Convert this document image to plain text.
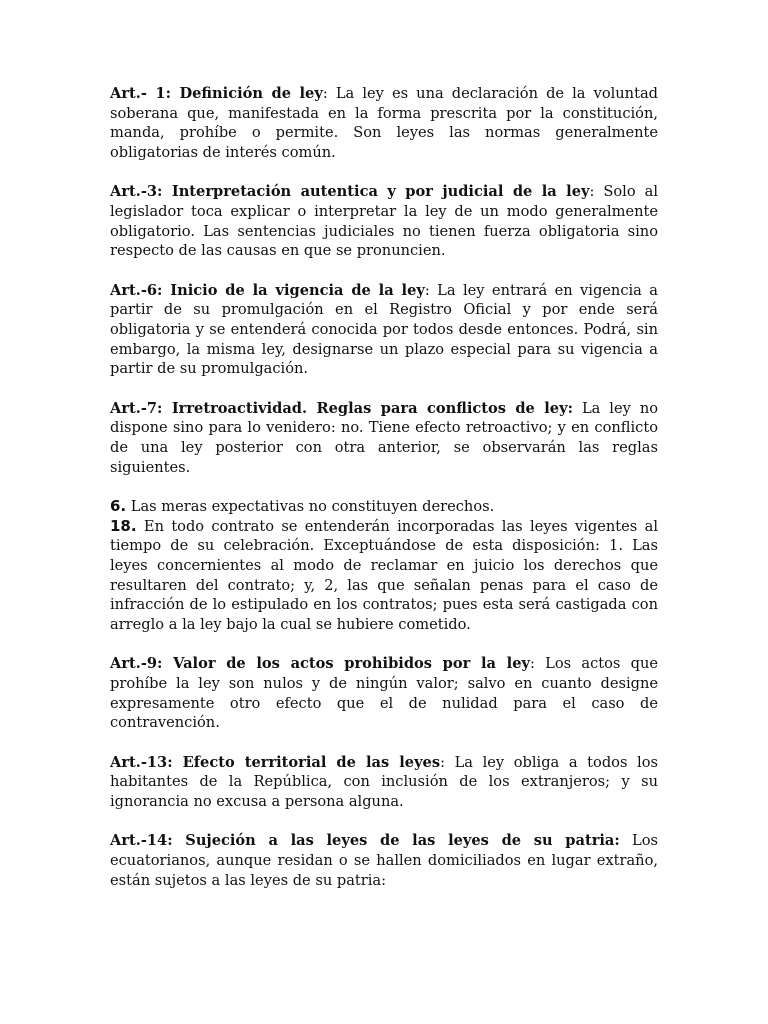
Art.- 1: Definición de ley: La ley es una declaración de la voluntad soberana que, manifestada en la forma prescrita por la constitución, manda, prohíbe o permite. Son leyes las normas generalmente obligatorias de interés común.

Art.-3: Interpretación autentica y por judicial de la ley: Solo al legislador toca explicar o interpretar la ley de un modo generalmente obligatorio. Las sentencias judiciales no tienen fuerza obligatoria sino respecto de las causas en que se pronuncien.

Art.-6: Inicio de la vigencia de la ley: La ley entrará en vigencia a partir de su promulgación en el Registro Oficial y por ende será obligatoria y se entenderá conocida por todos desde entonces. Podrá, sin embargo, la misma ley, designarse un plazo especial para su vigencia a partir de su promulgación.

Art.-7: Irretroactividad. Reglas para conflictos de ley: La ley no dispone sino para lo venidero: no. Tiene efecto retroactivo; y en conflicto de una ley posterior con otra anterior, se observarán las reglas siguientes.

6. Las meras expectativas no constituyen derechos.

18. En todo contrato se entenderán incorporadas las leyes vigentes al tiempo de su celebración. Exceptuándose de esta disposición: 1. Las leyes concernientes al modo de reclamar en juicio los derechos que resultaren del contrato; y, 2, las que señalan penas para el caso de infracción de lo estipulado en los contratos; pues esta será castigada con arreglo a la ley bajo la cual se hubiere cometido.

Art.-9: Valor de los actos prohibidos por la ley: Los actos que prohíbe la ley son nulos y de ningún valor; salvo en cuanto designe expresamente otro efecto que el de nulidad para el caso de contravención.

Art.-13: Efecto territorial de las leyes: La ley obliga a todos los habitantes de la República, con inclusión de los extranjeros; y su ignorancia no excusa a persona alguna.

Art.-14: Sujeción a las leyes de las leyes de su patria: Los ecuatorianos, aunque residan o se hallen domiciliados en lugar extraño, están sujetos a las leyes de su patria:
